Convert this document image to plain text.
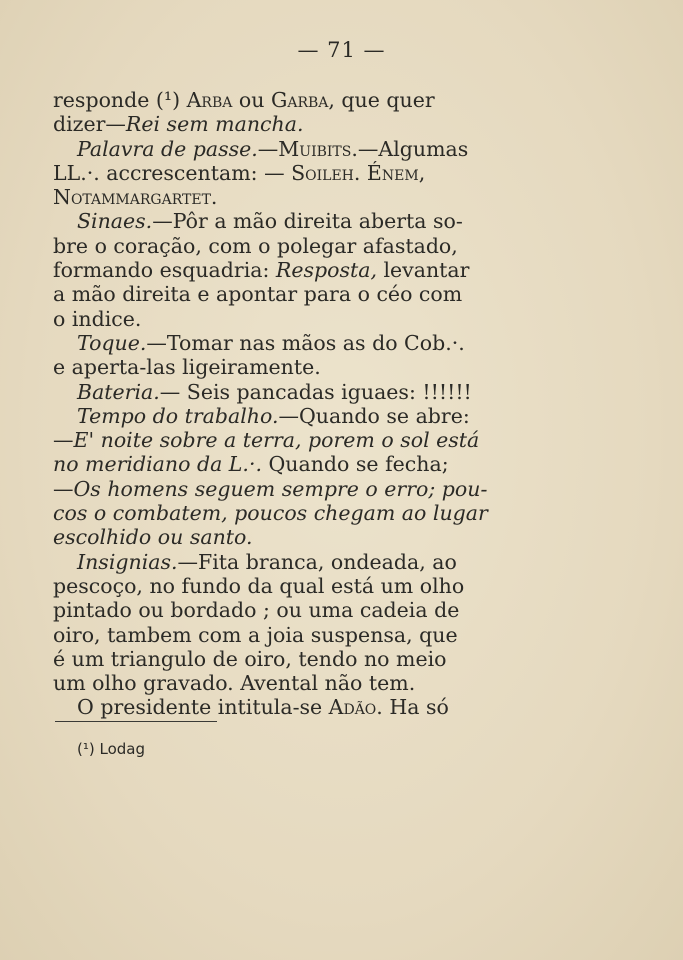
— 71 —
responde (¹) Arba ou Garba, que quer
dizer—Rei sem mancha.
Palavra de passe.—Muibits.—Algumas
LL.·. accrescentam: — Soileh. Énem,
Notammargartet.
Sinaes.—Pôr a mão direita aberta so-
bre o coração, com o polegar afastado,
formando esquadria: Resposta, levantar
a mão direita e apontar para o céo com
o indice.
Toque.—Tomar nas mãos as do Cob.·.
e aperta-las ligeiramente.
Bateria.— Seis pancadas iguaes: !!!!!!
Tempo do trabalho.—Quando se abre:
—E' noite sobre a terra, porem o sol está
no meridiano da L.·. Quando se fecha;
—Os homens seguem sempre o erro; pou-
cos o combatem, poucos chegam ao lugar
escolhido ou santo.
Insignias.—Fita branca, ondeada, ao
pescoço, no fundo da qual está um olho
pintado ou bordado ; ou uma cadeia de
oiro, tambem com a joia suspensa, que
é um triangulo de oiro, tendo no meio
um olho gravado. Avental não tem.
O presidente intitula-se Adão. Ha só
(¹) Lodag
